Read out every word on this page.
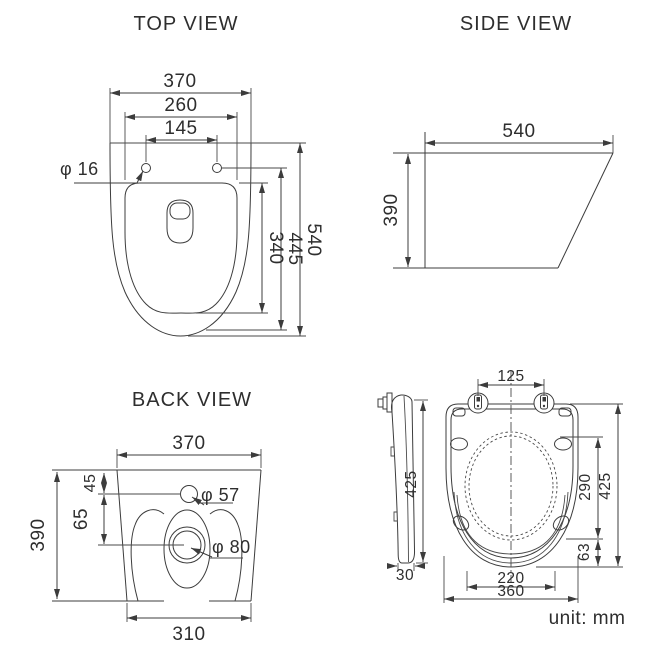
TOP VIEW
370
260
145
φ 16
340
445
540
SIDE VIEW
540
390
BACK VIEW
370
390
45
65
φ 57
φ 80
310
425
30
125
290 425
63
220
360
unit: mm
